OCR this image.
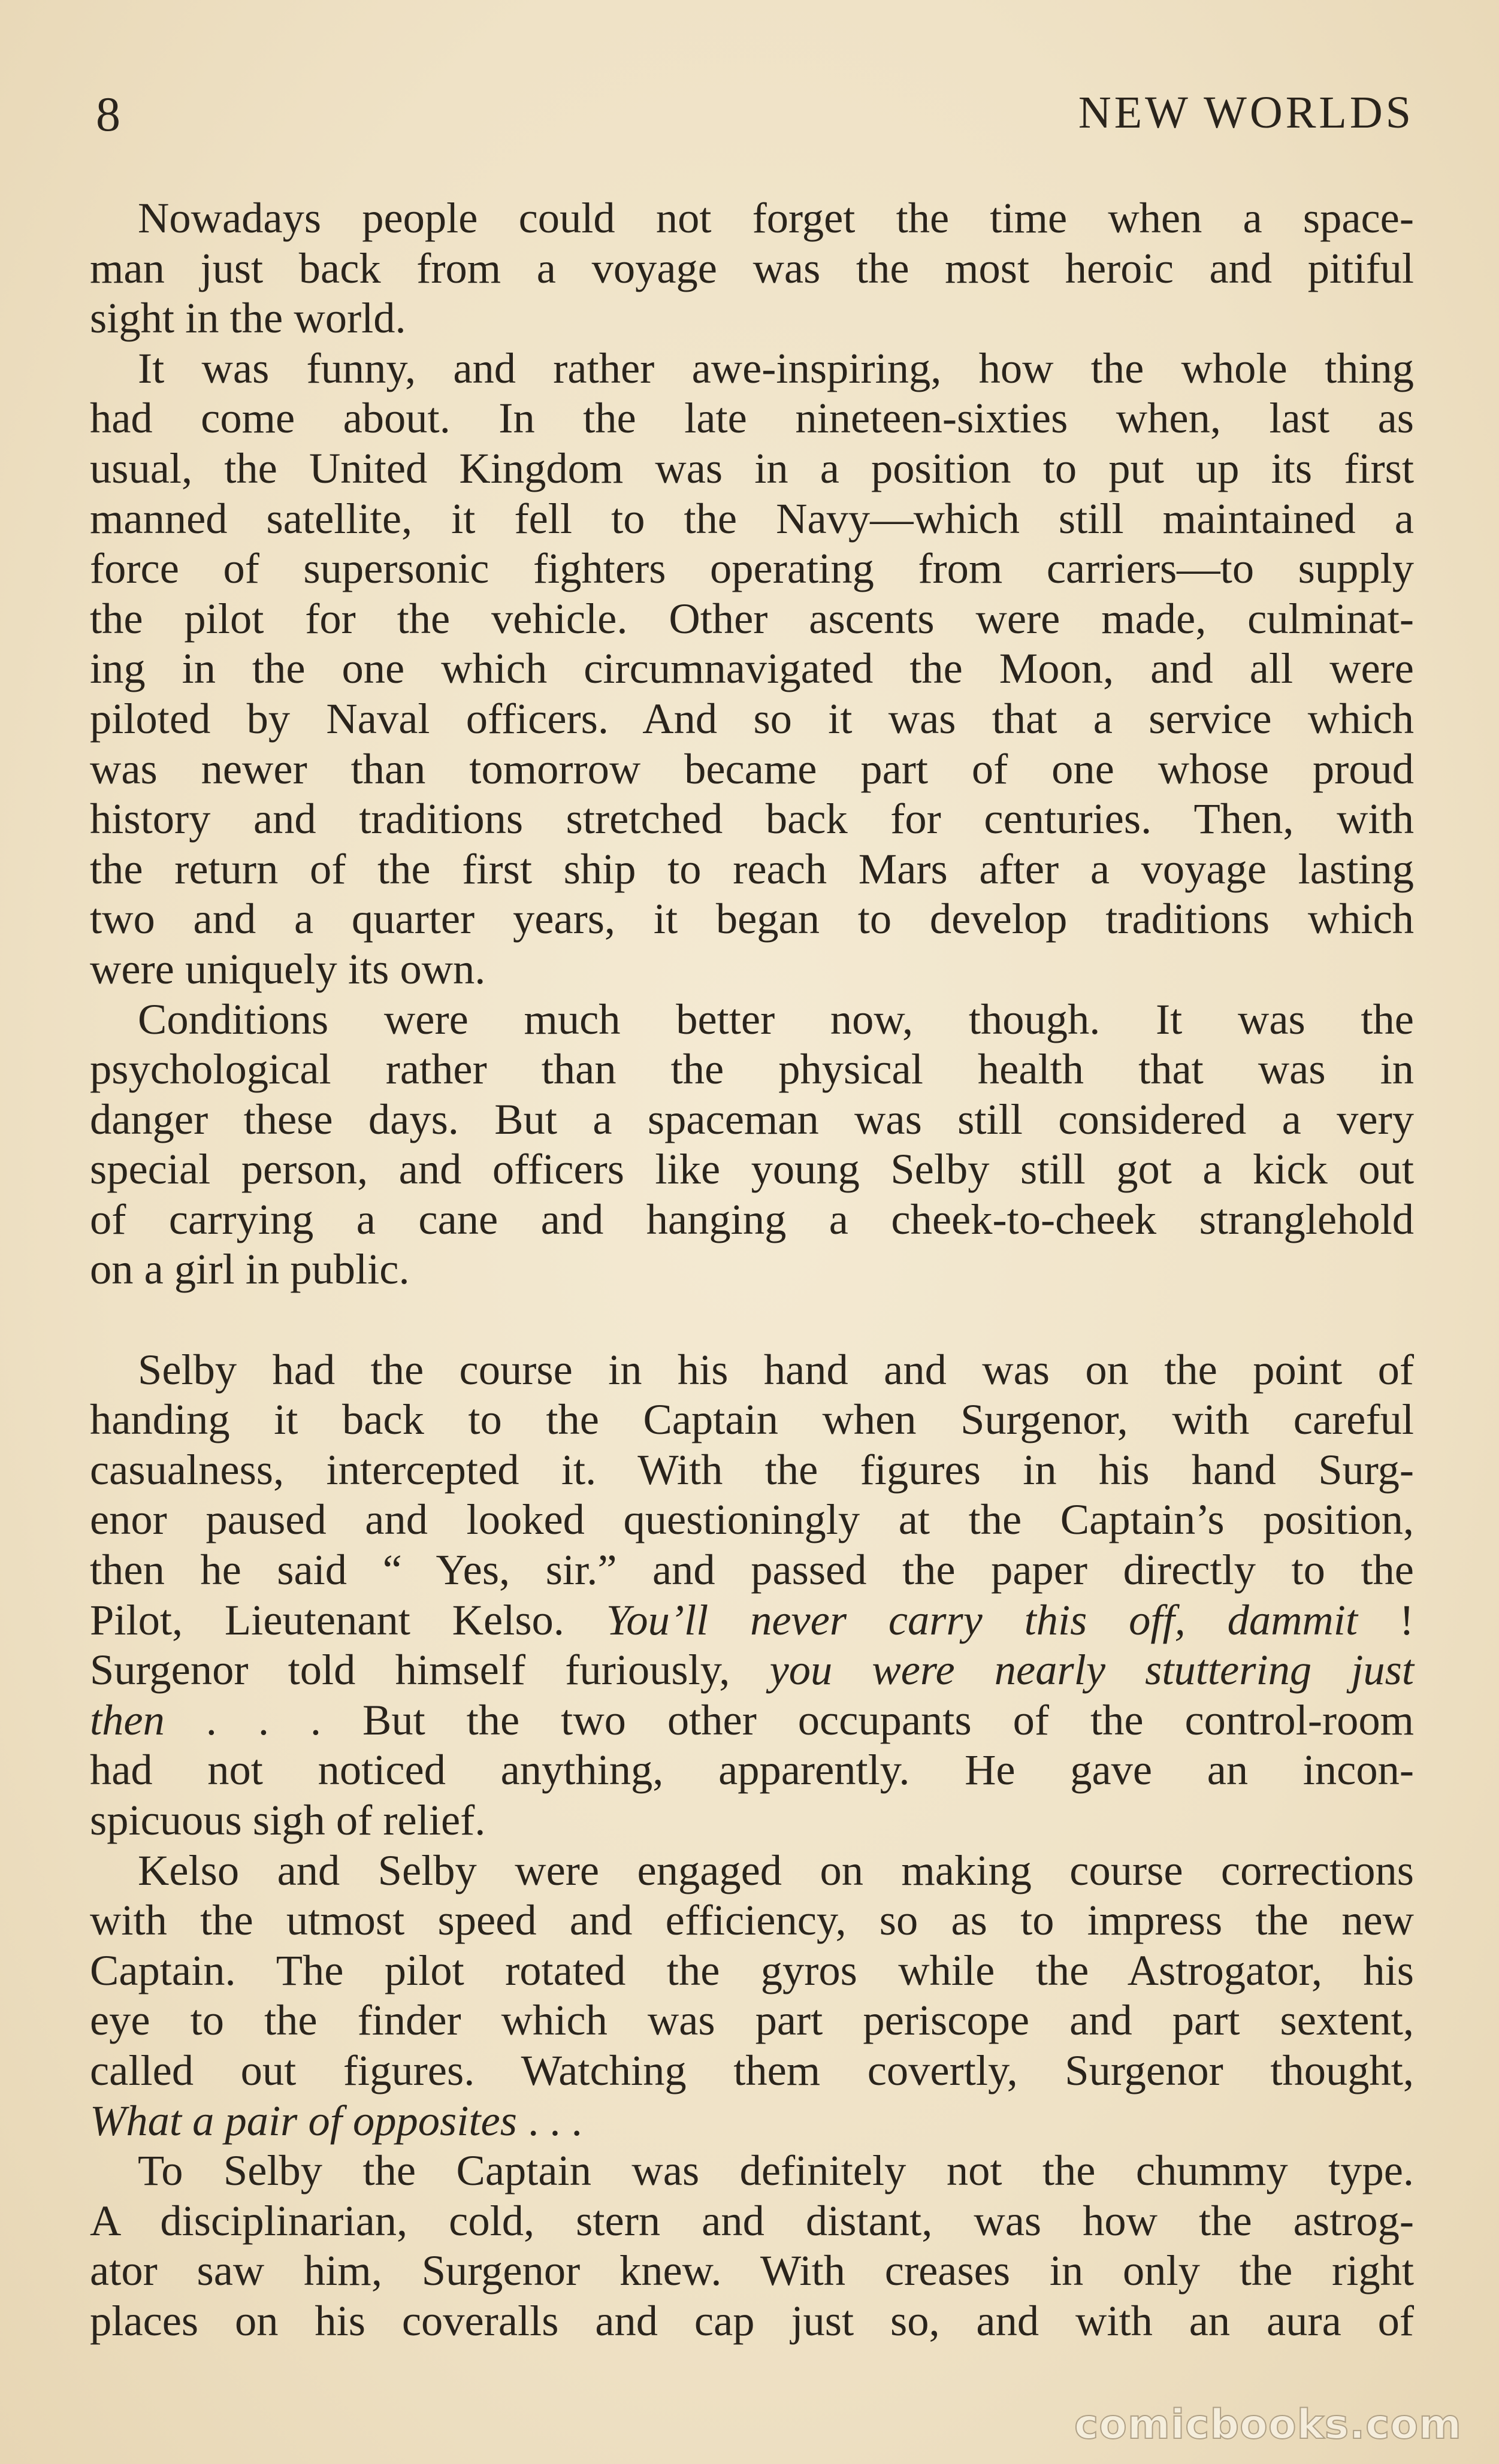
8	NEW WORLDS
Nowadays people could not forget the time when a space-
man just back from a voyage was the most heroic and pitiful
sight in the world.
It was funny, and rather awe-inspiring, how the whole thing
had come about. In the late nineteen-sixties when, last as
usual, the United Kingdom was in a position to put up its first
manned satellite, it fell to the Navy—which still maintained a
force of supersonic fighters operating from carriers—to supply
the pilot for the vehicle. Other ascents were made, culminat-
ing in the one which circumnavigated the Moon, and all were
piloted by Naval officers. And so it was that a service which
was newer than tomorrow became part of one whose proud
history and traditions stretched back for centuries. Then, with
the return of the first ship to reach Mars after a voyage lasting
two and a quarter years, it began to develop traditions which
were uniquely its own.
Conditions were much better now, though. It was the
psychological rather than the physical health that was in
danger these days. But a spaceman was still considered a very
special person, and officers like young Selby still got a kick out
of carrying a cane and hanging a cheek-to-cheek stranglehold
on a girl in public.
Selby had the course in his hand and was on the point of
handing it back to the Captain when Surgenor, with careful
casualness, intercepted it. With the figures in his hand Surg-
enor paused and looked questioningly at the Captain’s position,
then he said “ Yes, sir.” and passed the paper directly to the
Pilot, Lieutenant Kelso. You’ll never carry this off, dammit !
Surgenor told himself furiously, you were nearly stuttering just
then . . . But the two other occupants of the control-room
had not noticed anything, apparently. He gave an incon-
spicuous sigh of relief.
Kelso and Selby were engaged on making course corrections
with the utmost speed and efficiency, so as to impress the new
Captain. The pilot rotated the gyros while the Astrogator, his
eye to the finder which was part periscope and part sextent,
called out figures. Watching them covertly, Surgenor thought,
What a pair of opposites . . .
To Selby the Captain was definitely not the chummy type.
A disciplinarian, cold, stern and distant, was how the astrog-
ator saw him, Surgenor knew. With creases in only the right
places on his coveralls and cap just so, and with an aura of
comicbooks.com
